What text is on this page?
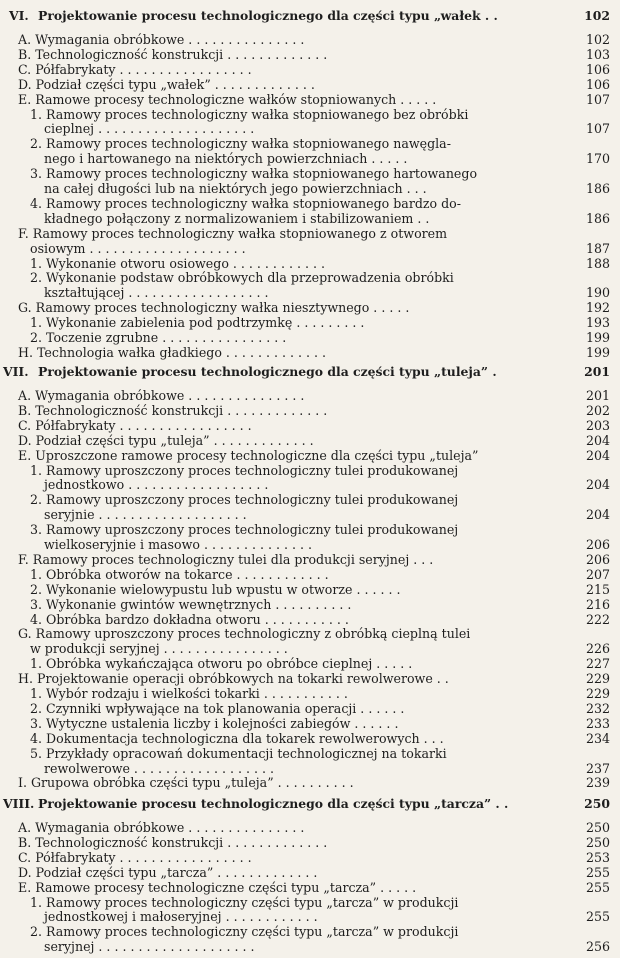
VI. Projektowanie procesu technologicznego dla części typu „wałek . .	102
A. Wymagania obróbkowe . . . . . . . . . . . . . . .	102
B. Technologiczność konstrukcji . . . . . . . . . . . . .	103
C. Półfabrykaty . . . . . . . . . . . . . . . . .	106
D. Podział części typu „wałek” . . . . . . . . . . . . .	106
E. Ramowe procesy technologiczne wałków stopniowanych . . . . .	107
1. Ramowy proces technologiczny wałka stopniowanego bez obróbki
cieplnej . . . . . . . . . . . . . . . . . . . .	107
2. Ramowy proces technologiczny wałka stopniowanego nawęgla-
nego i hartowanego na niektórych powierzchniach . . . . .	170
3. Ramowy proces technologiczny wałka stopniowanego hartowanego
na całej długości lub na niektórych jego powierzchniach . . .	186
4. Ramowy proces technologiczny wałka stopniowanego bardzo do-
kładnego połączony z normalizowaniem i stabilizowaniem . .	186
F. Ramowy proces technologiczny wałka stopniowanego z otworem
osiowym . . . . . . . . . . . . . . . . . . . .	187
1. Wykonanie otworu osiowego . . . . . . . . . . . .	188
2. Wykonanie podstaw obróbkowych dla przeprowadzenia obróbki
kształtującej . . . . . . . . . . . . . . . . . .	190
G. Ramowy proces technologiczny wałka niesztywnego . . . . .	192
1. Wykonanie zabielenia pod podtrzymkę . . . . . . . . .	193
2. Toczenie zgrubne . . . . . . . . . . . . . . . .	199
H. Technologia wałka gładkiego . . . . . . . . . . . . .	199
VII. Projektowanie procesu technologicznego dla części typu „tuleja” .	201
A. Wymagania obróbkowe . . . . . . . . . . . . . . .	201
B. Technologiczność konstrukcji . . . . . . . . . . . . .	202
C. Półfabrykaty . . . . . . . . . . . . . . . . .	203
D. Podział części typu „tuleja” . . . . . . . . . . . . .	204
E. Uproszczone ramowe procesy technologiczne dla części typu „tuleja”	204
1. Ramowy uproszczony proces technologiczny tulei produkowanej
jednostkowo . . . . . . . . . . . . . . . . . .	204
2. Ramowy uproszczony proces technologiczny tulei produkowanej
seryjnie . . . . . . . . . . . . . . . . . . .	204
3. Ramowy uproszczony proces technologiczny tulei produkowanej
wielkoseryjnie i masowo . . . . . . . . . . . . . .	206
F. Ramowy proces technologiczny tulei dla produkcji seryjnej . . .	206
1. Obróbka otworów na tokarce . . . . . . . . . . . .	207
2. Wykonanie wielowypustu lub wpustu w otworze . . . . . .	215
3. Wykonanie gwintów wewnętrznych . . . . . . . . . .	216
4. Obróbka bardzo dokładna otworu . . . . . . . . . . .	222
G. Ramowy uproszczony proces technologiczny z obróbką cieplną tulei
w produkcji seryjnej . . . . . . . . . . . . . . . .	226
1. Obróbka wykańczająca otworu po obróbce cieplnej . . . . .	227
H. Projektowanie operacji obróbkowych na tokarki rewolwerowe . .	229
1. Wybór rodzaju i wielkości tokarki . . . . . . . . . . .	229
2. Czynniki wpływające na tok planowania operacji . . . . . .	232
3. Wytyczne ustalenia liczby i kolejności zabiegów . . . . . .	233
4. Dokumentacja technologiczna dla tokarek rewolwerowych . . .	234
5. Przykłady opracowań dokumentacji technologicznej na tokarki
rewolwerowe . . . . . . . . . . . . . . . . . .	237
I. Grupowa obróbka części typu „tuleja” . . . . . . . . . .	239
VIII. Projektowanie procesu technologicznego dla części typu „tarcza” . .	250
A. Wymagania obróbkowe . . . . . . . . . . . . . . .	250
B. Technologiczność konstrukcji . . . . . . . . . . . . .	250
C. Półfabrykaty . . . . . . . . . . . . . . . . .	253
D. Podział części typu „tarcza” . . . . . . . . . . . . .	255
E. Ramowe procesy technologiczne części typu „tarcza” . . . . .	255
1. Ramowy proces technologiczny części typu „tarcza” w produkcji
jednostkowej i małoseryjnej . . . . . . . . . . . .	255
2. Ramowy proces technologiczny części typu „tarcza” w produkcji
seryjnej . . . . . . . . . . . . . . . . . . . .	256
